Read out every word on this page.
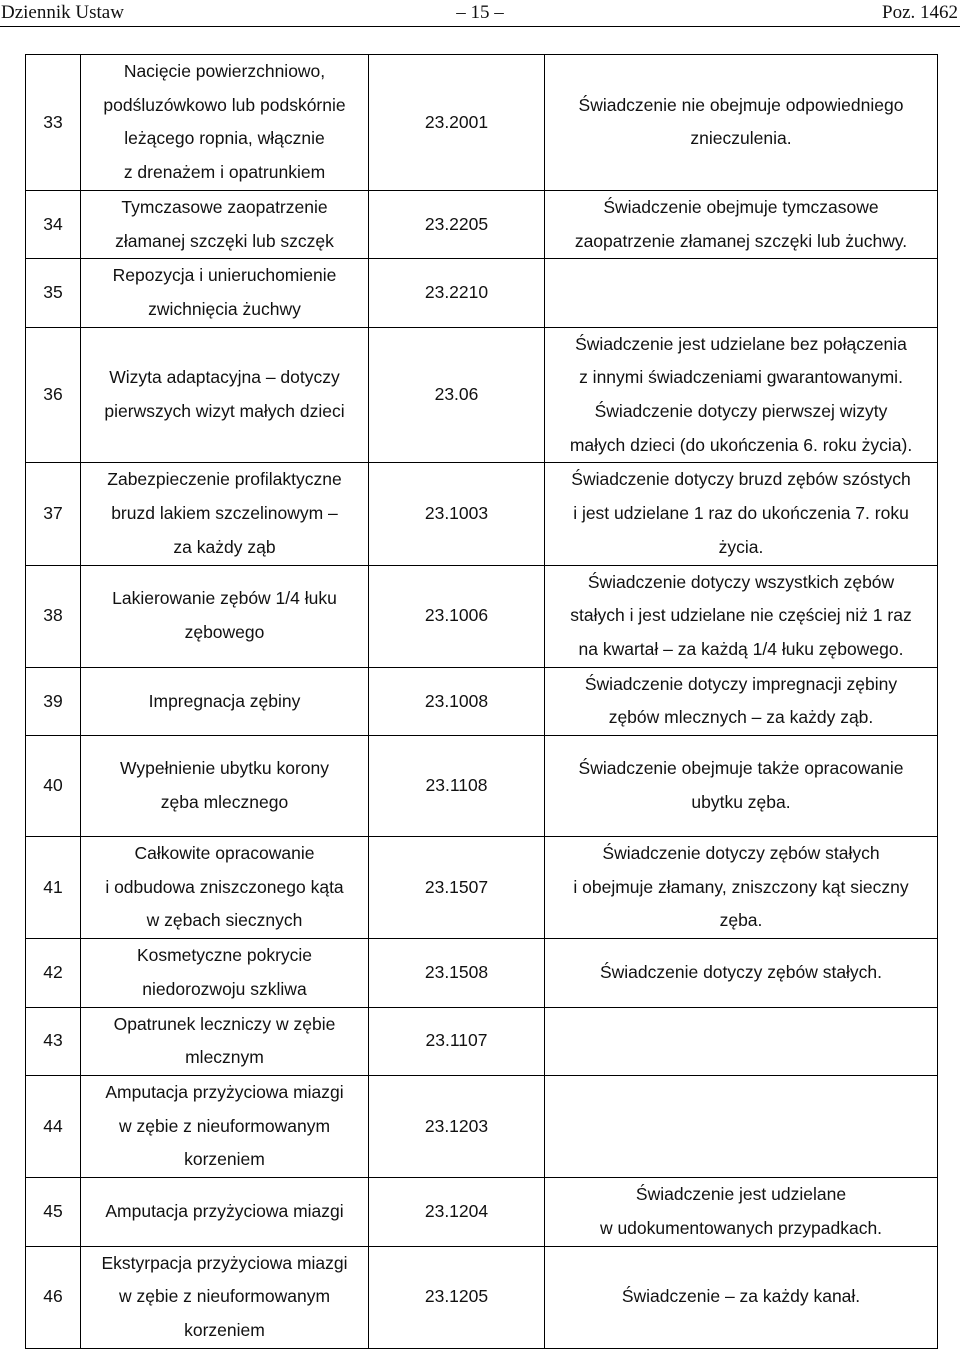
Dziennik Ustaw	– 15 –	Poz. 1462
33	Nacięcie powierzchniowo,
podśluzówkowo lub podskórnie
leżącego ropnia, włącznie
z drenażem i opatrunkiem	23.2001	Świadczenie nie obejmuje odpowiedniego
znieczulenia.

34	Tymczasowe zaopatrzenie
złamanej szczęki lub szczęk	23.2205	Świadczenie obejmuje tymczasowe
zaopatrzenie złamanej szczęki lub żuchwy.

35	Repozycja i unieruchomienie
zwichnięcia żuchwy	23.2210	
36	Wizyta adaptacyjna – dotyczy
pierwszych wizyt małych dzieci	23.06	Świadczenie jest udzielane bez połączenia
z innymi świadczeniami gwarantowanymi.
Świadczenie dotyczy pierwszej wizyty
małych dzieci (do ukończenia 6. roku życia).

37	Zabezpieczenie profilaktyczne
bruzd lakiem szczelinowym –
za każdy ząb	23.1003	Świadczenie dotyczy bruzd zębów szóstych
i jest udzielane 1 raz do ukończenia 7. roku
życia.

38	Lakierowanie zębów 1/4 łuku
zębowego	23.1006	Świadczenie dotyczy wszystkich zębów
stałych i jest udzielane nie częściej niż 1 raz
na kwartał – za każdą 1/4 łuku zębowego.

39	Impregnacja zębiny	23.1008	Świadczenie dotyczy impregnacji zębiny
zębów mlecznych – za każdy ząb.

40	Wypełnienie ubytku korony
zęba mlecznego	23.1108	Świadczenie obejmuje także opracowanie
ubytku zęba.

41	Całkowite opracowanie
i odbudowa zniszczonego kąta
w zębach siecznych	23.1507	Świadczenie dotyczy zębów stałych
i obejmuje złamany, zniszczony kąt sieczny
zęba.

42	Kosmetyczne pokrycie
niedorozwoju szkliwa	23.1508	Świadczenie dotyczy zębów stałych.

43	Opatrunek leczniczy w zębie
mlecznym	23.1107	
44	Amputacja przyżyciowa miazgi
w zębie z nieuformowanym
korzeniem	23.1203	
45	Amputacja przyżyciowa miazgi	23.1204	Świadczenie jest udzielane
w udokumentowanych przypadkach.

46	Ekstyrpacja przyżyciowa miazgi
w zębie z nieuformowanym
korzeniem	23.1205	Świadczenie – za każdy kanał.
